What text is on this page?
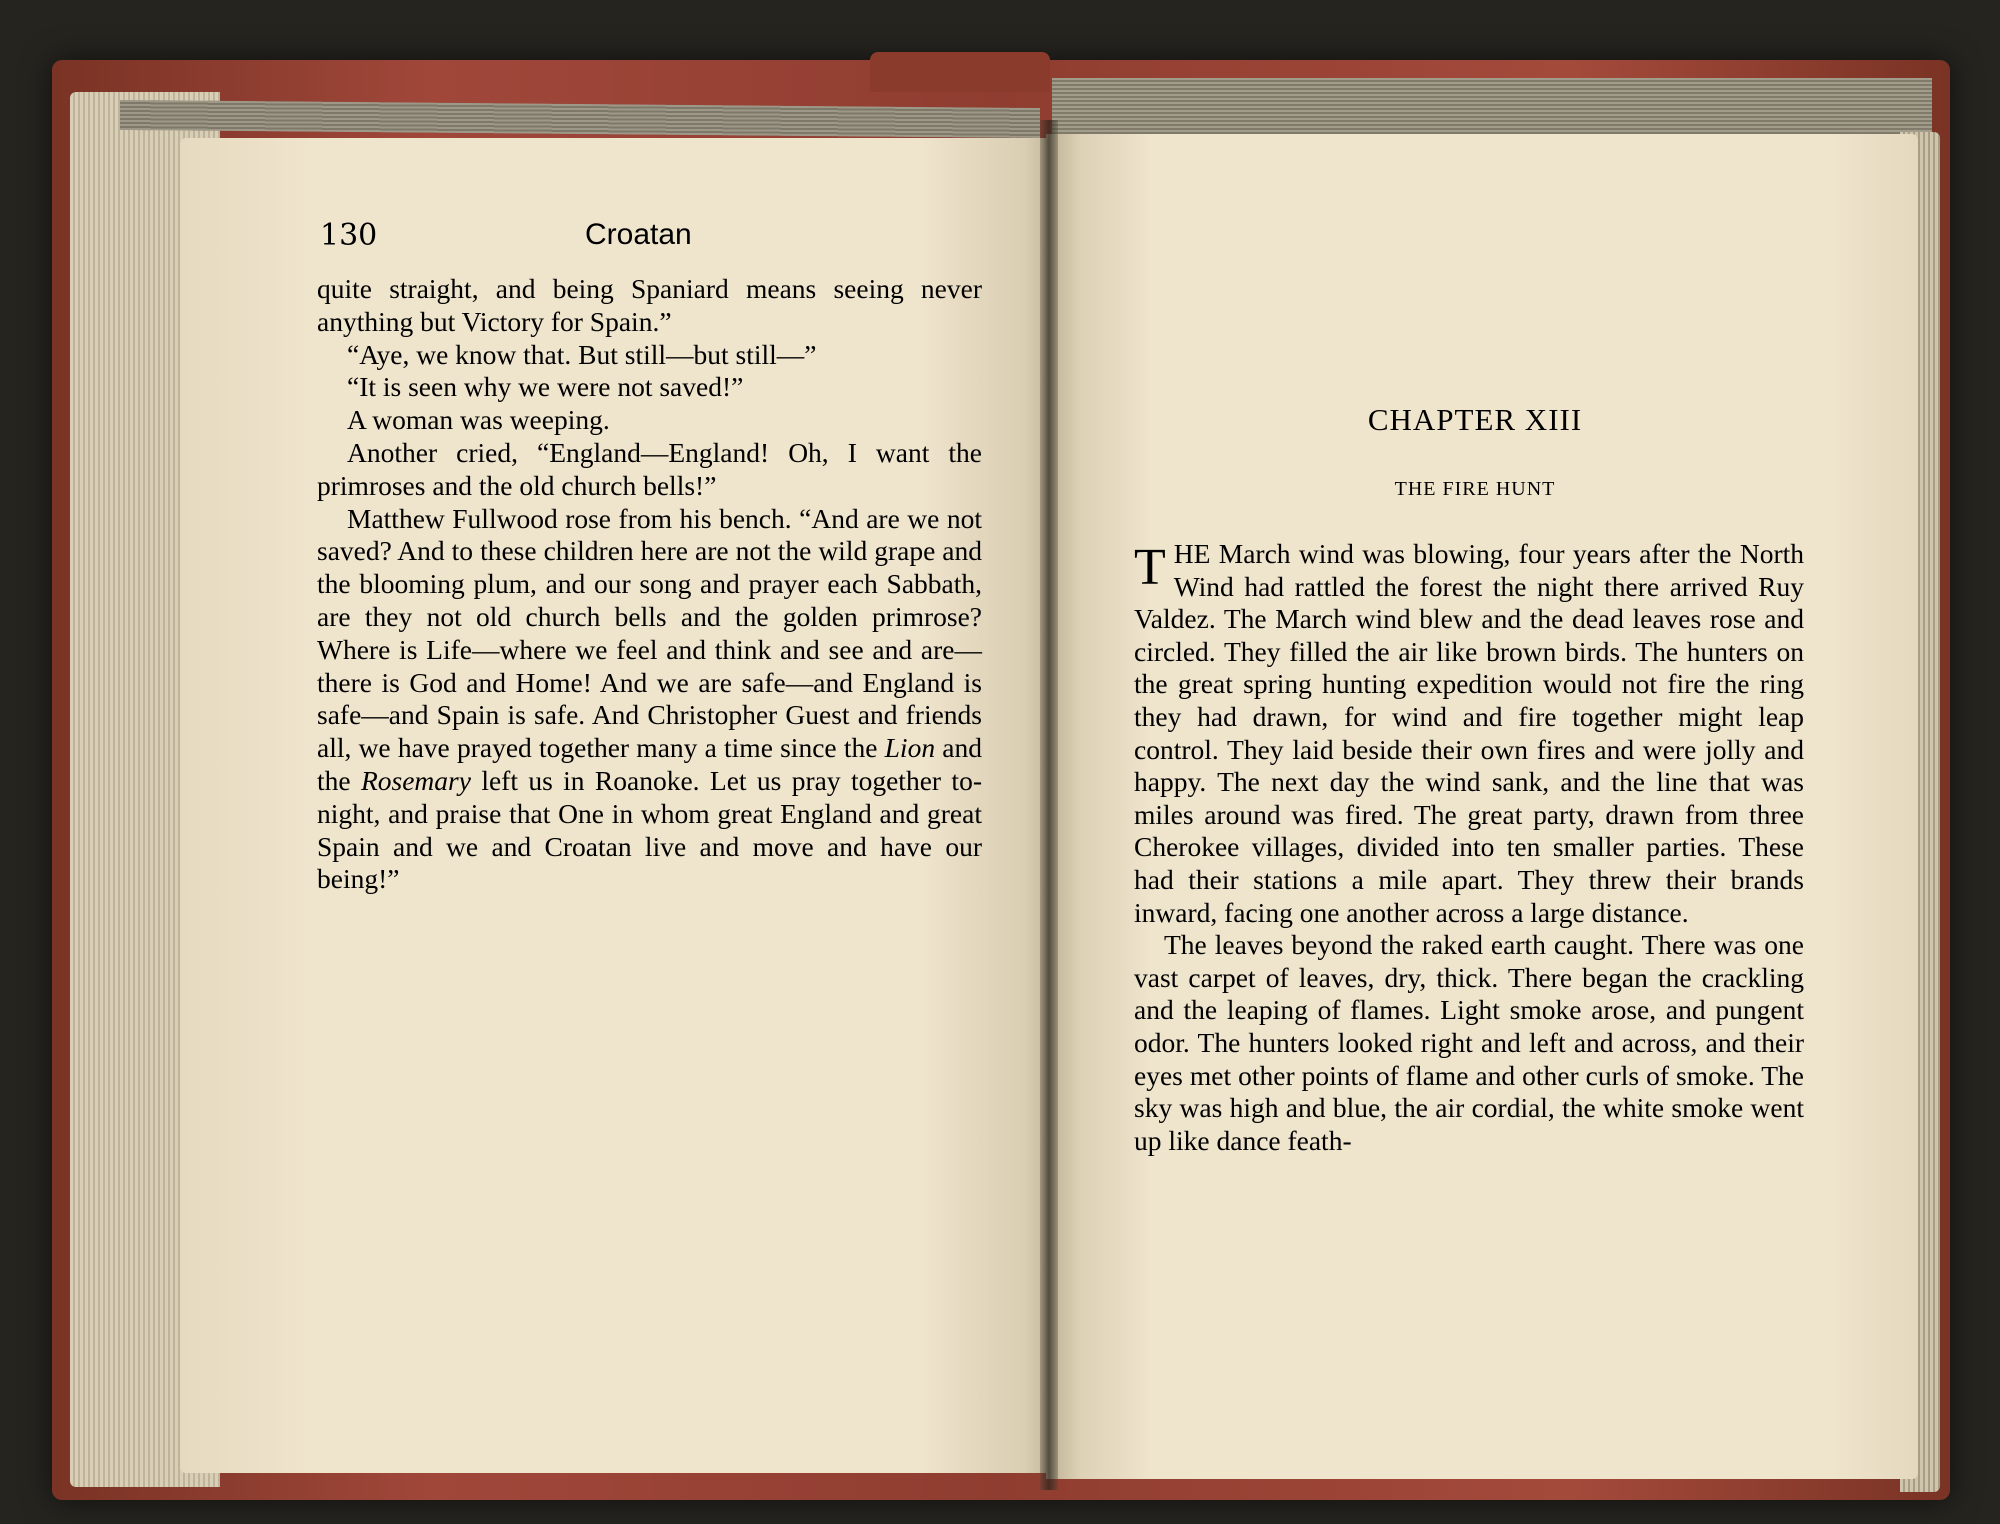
130	Croatan

quite straight, and being Spaniard means seeing never anything but Victory for Spain.”

“Aye, we know that. But still—but still—”

“It is seen why we were not saved!”

A woman was weeping.

Another cried, “England—England! Oh, I want the primroses and the old church bells!”

Matthew Fullwood rose from his bench. “And are we not saved? And to these children here are not the wild grape and the blooming plum, and our song and prayer each Sabbath, are they not old church bells and the golden primrose? Where is Life—where we feel and think and see and are—there is God and Home! And we are safe—and England is safe—and Spain is safe. And Christopher Guest and friends all, we have prayed together many a time since the Lion and the Rosemary left us in Roanoke. Let us pray together to-night, and praise that One in whom great England and great Spain and we and Croatan live and move and have our being!”

CHAPTER XIII
THE FIRE HUNT

THE March wind was blowing, four years after the North Wind had rattled the forest the night there arrived Ruy Valdez. The March wind blew and the dead leaves rose and circled. They filled the air like brown birds. The hunters on the great spring hunting expedition would not fire the ring they had drawn, for wind and fire together might leap control. They laid beside their own fires and were jolly and happy. The next day the wind sank, and the line that was miles around was fired. The great party, drawn from three Cherokee villages, divided into ten smaller parties. These had their stations a mile apart. They threw their brands inward, facing one another across a large distance.

The leaves beyond the raked earth caught. There was one vast carpet of leaves, dry, thick. There began the crackling and the leaping of flames. Light smoke arose, and pungent odor. The hunters looked right and left and across, and their eyes met other points of flame and other curls of smoke. The sky was high and blue, the air cordial, the white smoke went up like dance feath-
